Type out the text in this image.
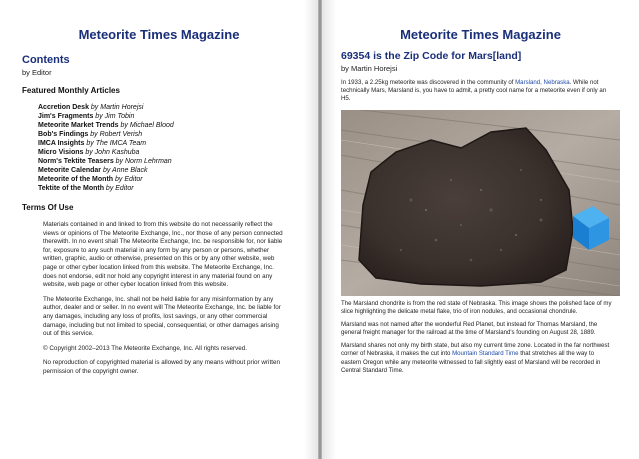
Meteorite Times Magazine
Contents
by Editor
Featured Monthly Articles
Accretion Desk by Martin Horejsi
Jim's Fragments by Jim Tobin
Meteorite Market Trends by Michael Blood
Bob's Findings by Robert Verish
IMCA Insights by The IMCA Team
Micro Visions by John Kashuba
Norm's Tektite Teasers by Norm Lehrman
Meteorite Calendar by Anne Black
Meteorite of the Month by Editor
Tektite of the Month by Editor
Terms Of Use

Materials contained in and linked to from this website do not necessarily reflect the views or opinions of The Meteorite Exchange, Inc., nor those of any person connected therewith. In no event shall The Meteorite Exchange, Inc. be responsible for, nor liable for, exposure to any such material in any form by any person or persons, whether written, graphic, audio or otherwise, presented on this or by any other website, web page or other cyber location linked from this website. The Meteorite Exchange, Inc. does not endorse, edit nor hold any copyright interest in any material found on any website, web page or other cyber location linked from this website.

The Meteorite Exchange, Inc. shall not be held liable for any misinformation by any author, dealer and or seller. In no event will The Meteorite Exchange, Inc. be liable for any damages, including any loss of profits, lost savings, or any other commercial damage, including but not limited to special, consequential, or other damages arising out of this service.

© Copyright 2002–2013 The Meteorite Exchange, Inc. All rights reserved.

No reproduction of copyrighted material is allowed by any means without prior written permission of the copyright owner.

Meteorite Times Magazine
69354 is the Zip Code for Mars[land]
by Martin Horejsi

In 1933, a 2.25kg meteorite was discovered in the community of Marsland, Nebraska. While not technically Mars, Marsland is, you have to admit, a pretty cool name for a meteorite even if only an H5.

The Marsland chondrite is from the red state of Nebraska. This image shows the polished face of my slice highlighting the delicate metal flake, trio of iron nodules, and occasional chondrule.

Marsland was not named after the wonderful Red Planet, but instead for Thomas Marsland, the general freight manager for the railroad at the time of Marsland's founding on August 28, 1889.

Marsland shares not only my birth state, but also my current time zone. Located in the far northwest corner of Nebraska, it makes the cut into Mountain Standard Time that stretches all the way to eastern Oregon while any meteorite witnessed to fall slightly east of Marsland will be recorded in Central Standard Time.
